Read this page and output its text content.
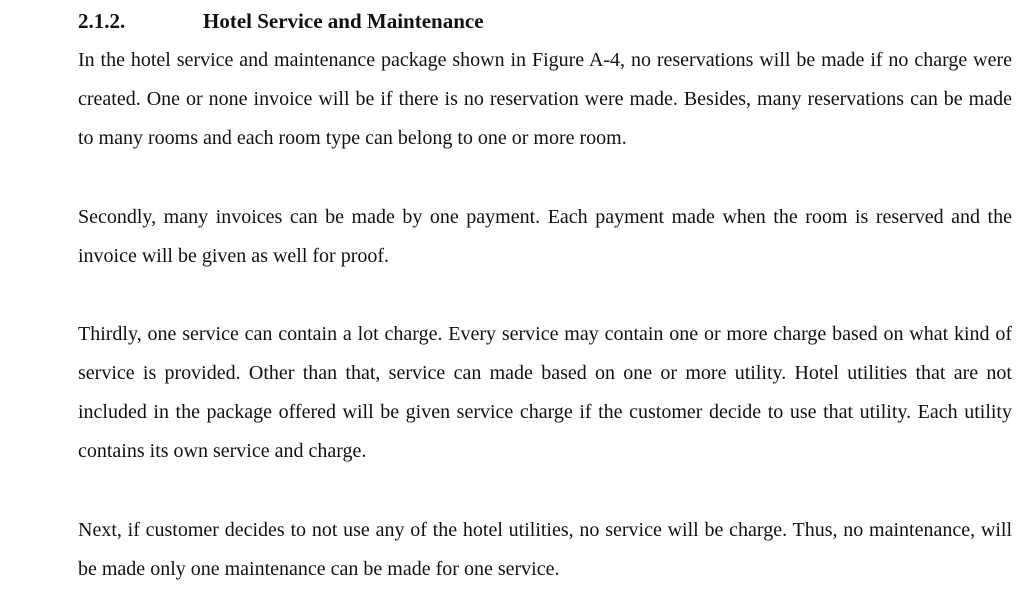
2.1.2.	Hotel Service and Maintenance

In the hotel service and maintenance package shown in Figure A-4, no reservations will be made if no charge were created. One or none invoice will be if there is no reservation were made. Besides, many reservations can be made to many rooms and each room type can belong to one or more room.

Secondly, many invoices can be made by one payment. Each payment made when the room is reserved and the invoice will be given as well for proof.

Thirdly, one service can contain a lot charge. Every service may contain one or more charge based on what kind of service is provided. Other than that, service can made based on one or more utility. Hotel utilities that are not included in the package offered will be given service charge if the customer decide to use that utility. Each utility contains its own service and charge.

Next, if customer decides to not use any of the hotel utilities, no service will be charge. Thus, no maintenance, will be made only one maintenance can be made for one service.
